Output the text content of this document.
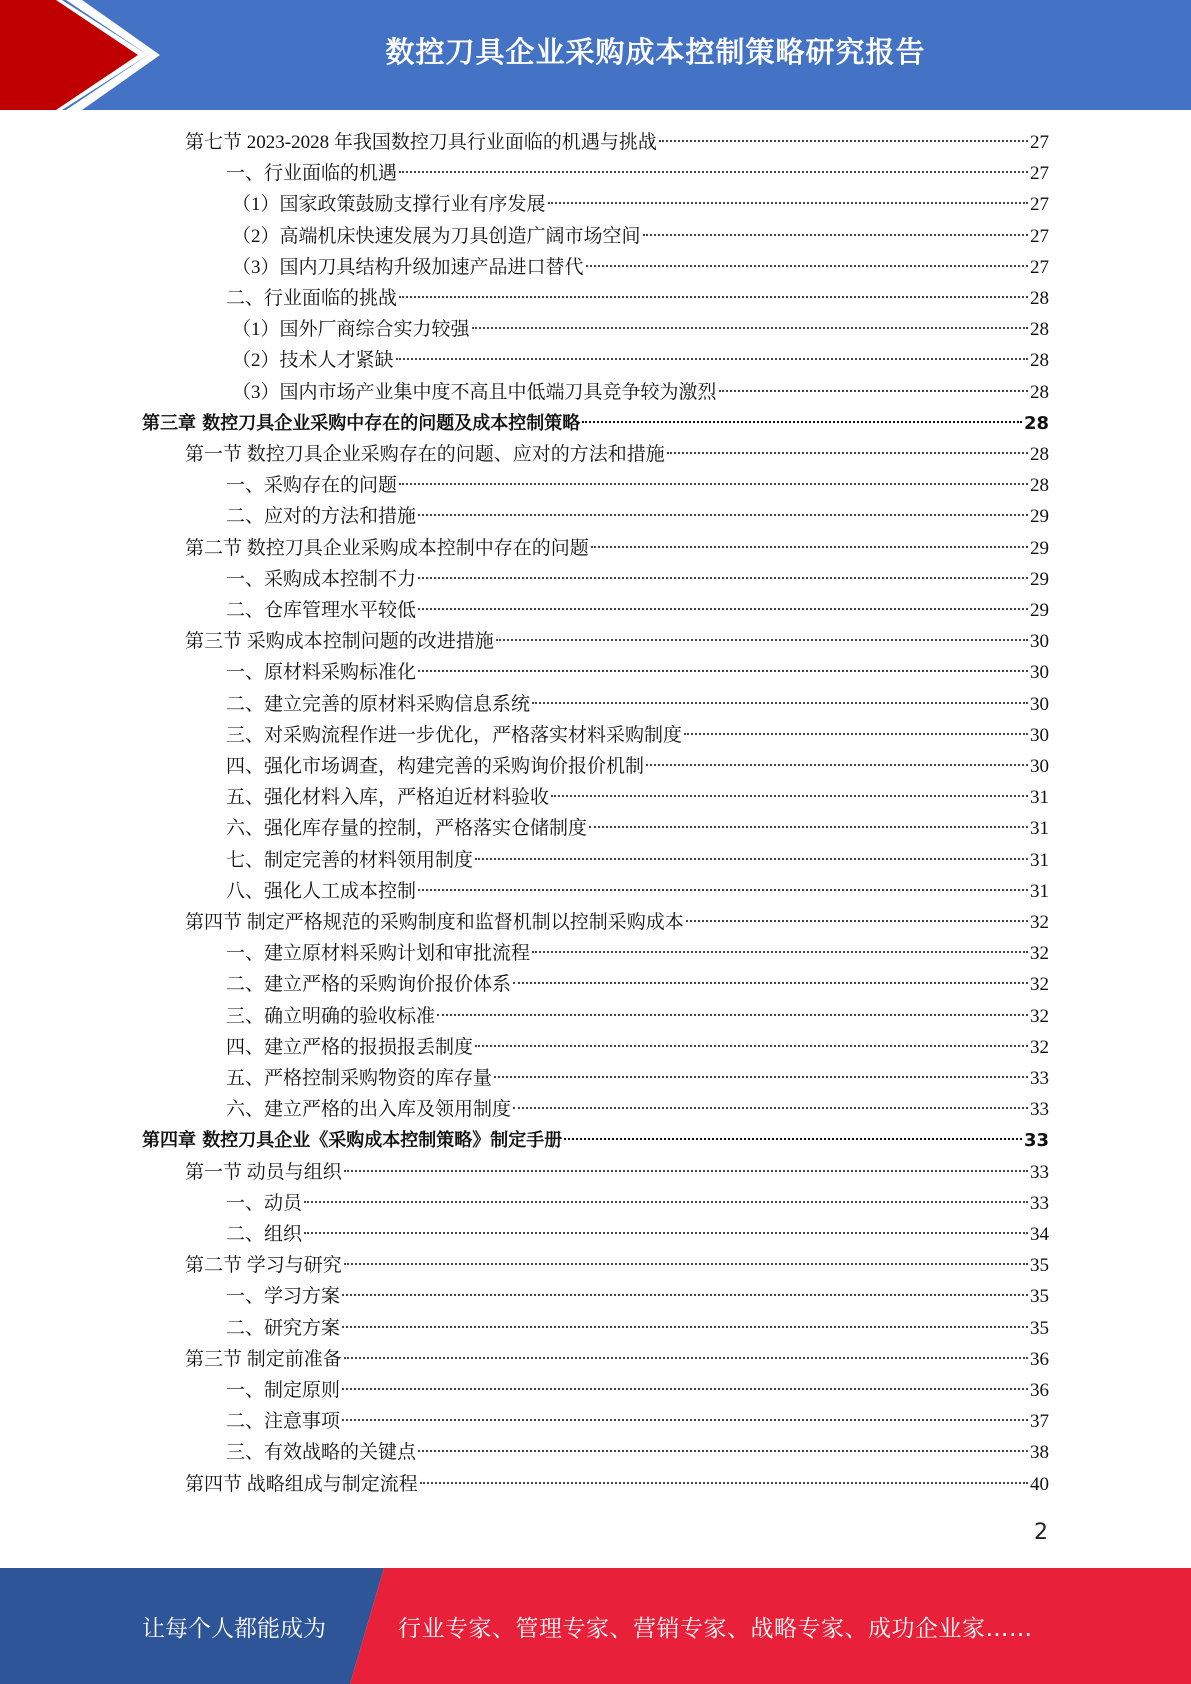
数控刀具企业采购成本控制策略研究报告
第七节 2023-2028 年我国数控刀具行业面临的机遇与挑战	27
一、行业面临的机遇	27
（1）国家政策鼓励支撑行业有序发展	27
（2）高端机床快速发展为刀具创造广阔市场空间	27
（3）国内刀具结构升级加速产品进口替代	27
二、行业面临的挑战	28
（1）国外厂商综合实力较强	28
（2）技术人才紧缺	28
（3）国内市场产业集中度不高且中低端刀具竞争较为激烈	28
第三章 数控刀具企业采购中存在的问题及成本控制策略	28
第一节 数控刀具企业采购存在的问题、应对的方法和措施	28
一、采购存在的问题	28
二、应对的方法和措施	29
第二节 数控刀具企业采购成本控制中存在的问题	29
一、采购成本控制不力	29
二、仓库管理水平较低	29
第三节 采购成本控制问题的改进措施	30
一、原材料采购标准化	30
二、建立完善的原材料采购信息系统	30
三、对采购流程作进一步优化，严格落实材料采购制度	30
四、强化市场调查，构建完善的采购询价报价机制	30
五、强化材料入库，严格迫近材料验收	31
六、强化库存量的控制，严格落实仓储制度	31
七、制定完善的材料领用制度	31
八、强化人工成本控制	31
第四节 制定严格规范的采购制度和监督机制以控制采购成本	32
一、建立原材料采购计划和审批流程	32
二、建立严格的采购询价报价体系	32
三、确立明确的验收标准	32
四、建立严格的报损报丢制度	32
五、严格控制采购物资的库存量	33
六、建立严格的出入库及领用制度	33
第四章 数控刀具企业《采购成本控制策略》制定手册	33
第一节 动员与组织	33
一、动员	33
二、组织	34
第二节 学习与研究	35
一、学习方案	35
二、研究方案	35
第三节 制定前准备	36
一、制定原则	36
二、注意事项	37
三、有效战略的关键点	38
第四节 战略组成与制定流程	40
2
让每个人都能成为	行业专家、管理专家、营销专家、战略专家、成功企业家……
